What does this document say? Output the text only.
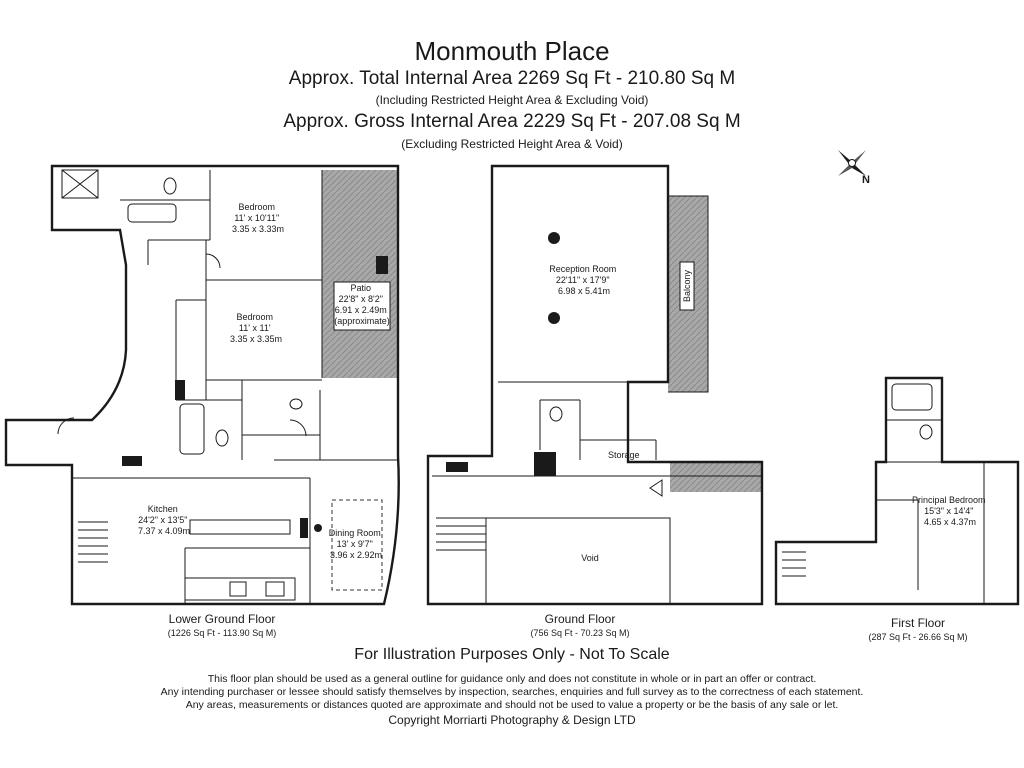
Monmouth Place
Approx. Total Internal Area 2269 Sq Ft - 210.80 Sq M
(Including Restricted Height Area & Excluding Void)
Approx. Gross Internal Area 2229 Sq Ft - 207.08 Sq M
(Excluding Restricted Height Area & Void)
N
Bedroom 11' x 10'11" 3.35 x 3.33m
Bedroom 11' x 11' 3.35 x 3.35m
Patio 22'8" x 8'2" 6.91 x 2.49m (approximate)
Kitchen 24'2" x 13'5" 7.37 x 4.09m	Dining Room 13' x 9'7" 3.96 x 2.92m
Reception Room 22'11" x 17'9" 6.98 x 5.41m	Balcony
Storage
Void
Principal Bedroom 15'3" x 14'4" 4.65 x 4.37m
Lower Ground Floor
(1226 Sq Ft - 113.90 Sq M)
Ground Floor
(756 Sq Ft - 70.23 Sq M)
First Floor
(287 Sq Ft - 26.66 Sq M)
For Illustration Purposes Only - Not To Scale
This floor plan should be used as a general outline for guidance only and does not constitute in whole or in part an offer or contract.
Any intending purchaser or lessee should satisfy themselves by inspection, searches, enquiries and full survey as to the correctness of each statement.
Any areas, measurements or distances quoted are approximate and should not be used to value a property or be the basis of any sale or let.
Copyright Morriarti Photography & Design LTD
